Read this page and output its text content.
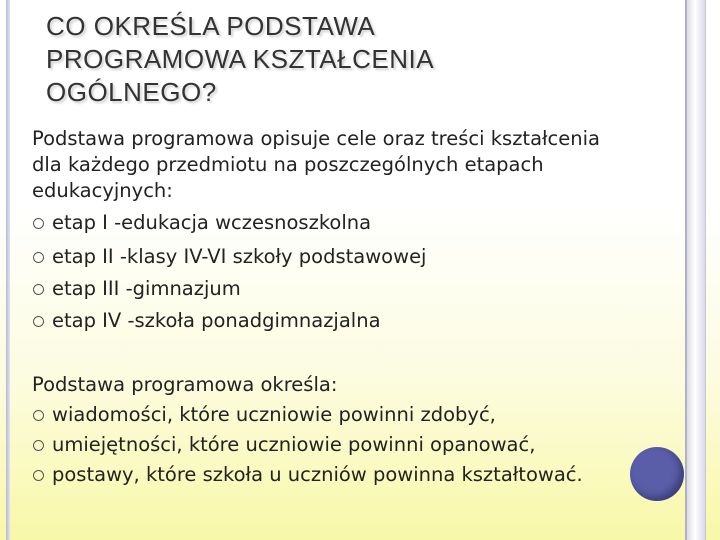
CO OKREŚLA PODSTAWA
PROGRAMOWA KSZTAŁCENIA
OGÓLNEGO?
Podstawa programowa opisuje cele oraz treści kształcenia
dla każdego przedmiotu na poszczególnych etapach
edukacyjnych:
etap I -edukacja wczesnoszkolna
etap II -klasy IV-VI szkoły podstawowej
etap III -gimnazjum
etap IV -szkoła ponadgimnazjalna
Podstawa programowa określa:
wiadomości, które uczniowie powinni zdobyć,
umiejętności, które uczniowie powinni opanować,
postawy, które szkoła u uczniów powinna kształtować.
